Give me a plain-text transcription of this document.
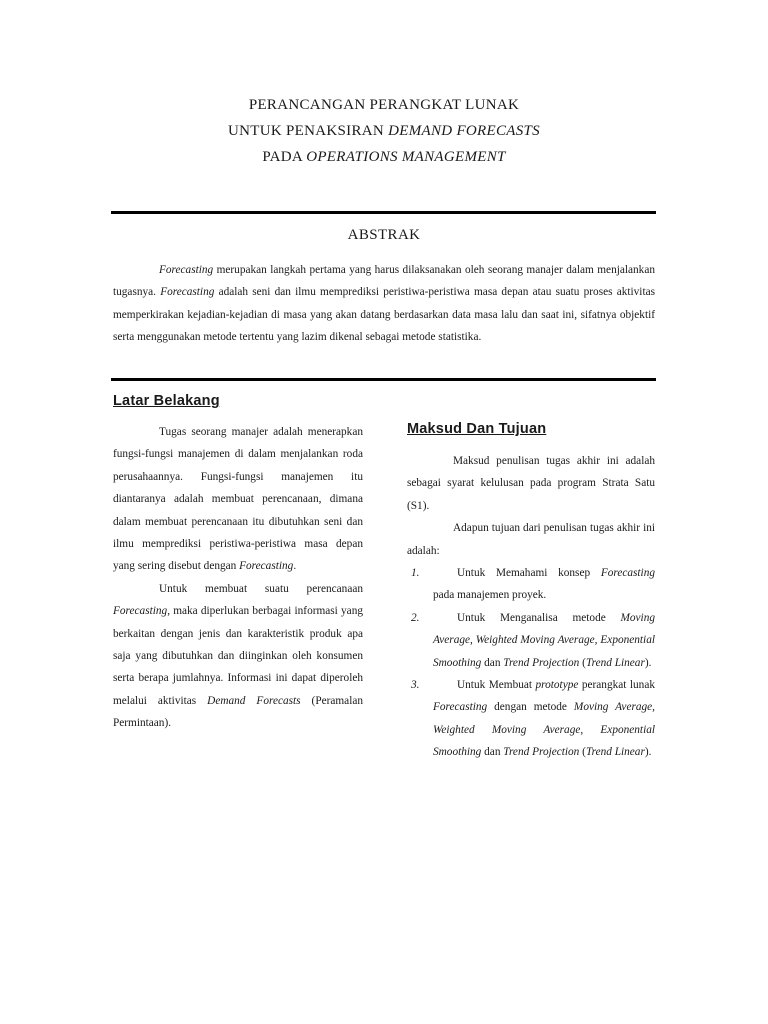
PERANCANGAN PERANGKAT LUNAK
UNTUK PENAKSIRAN DEMAND FORECASTS
PADA OPERATIONS MANAGEMENT
ABSTRAK

Forecasting merupakan langkah pertama yang harus dilaksanakan oleh seorang manajer dalam menjalankan tugasnya. Forecasting adalah seni dan ilmu memprediksi peristiwa-peristiwa masa depan atau suatu proses aktivitas memperkirakan kejadian-kejadian di masa yang akan datang berdasarkan data masa lalu dan saat ini, sifatnya objektif serta menggunakan metode tertentu yang lazim dikenal sebagai metode statistika.

Latar Belakang

Tugas seorang manajer adalah menerapkan fungsi-fungsi manajemen di dalam menjalankan roda perusahaannya. Fungsi-fungsi manajemen itu diantaranya adalah membuat perencanaan, dimana dalam membuat perencanaan itu dibutuhkan seni dan ilmu memprediksi peristiwa-peristiwa masa depan yang sering disebut dengan Forecasting.

Untuk membuat suatu perencanaan Forecasting, maka diperlukan berbagai informasi yang berkaitan dengan jenis dan karakteristik produk apa saja yang dibutuhkan dan diinginkan oleh konsumen serta berapa jumlahnya. Informasi ini dapat diperoleh melalui aktivitas Demand Forecasts (Peramalan Permintaan).

Maksud Dan Tujuan

Maksud penulisan tugas akhir ini adalah sebagai syarat kelulusan pada program Strata Satu (S1).

Adapun tujuan dari penulisan tugas akhir ini adalah:

1.	Untuk Memahami konsep Forecasting pada manajemen proyek.
2.	Untuk Menganalisa metode Moving Average, Weighted Moving Average, Exponential Smoothing dan Trend Projection (Trend Linear).
3.	Untuk Membuat prototype perangkat lunak Forecasting dengan metode Moving Average, Weighted Moving Average, Exponential Smoothing dan Trend Projection (Trend Linear).
